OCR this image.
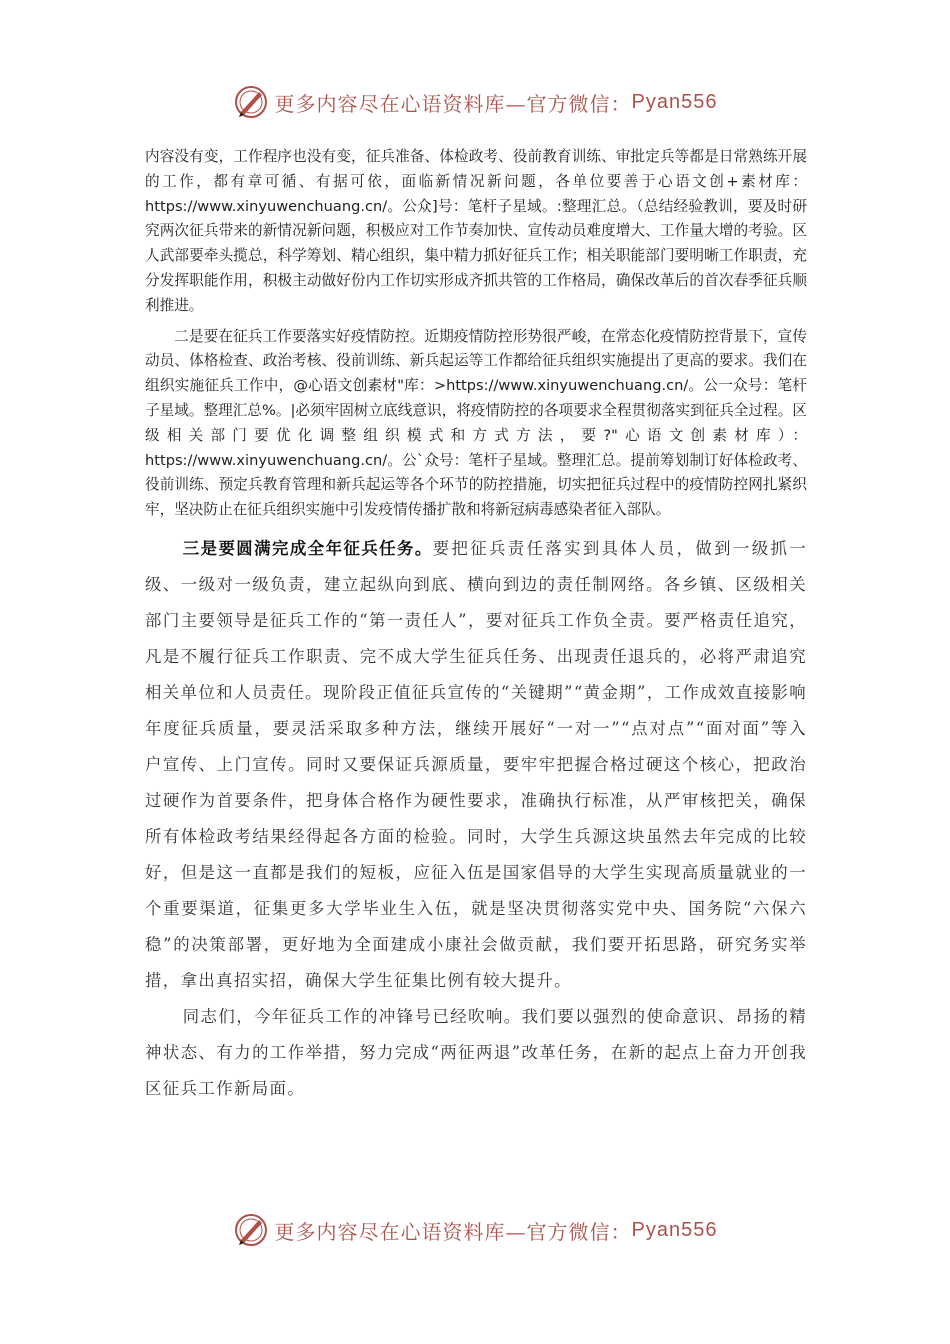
更多内容尽在心语资料库—官方微信： Pyan556

内容没有变，工作程序也没有变，征兵准备、体检政考、役前教育训练、审批定兵等都是日常熟练开展的工作，都有章可循、有据可依，面临新情况新问题，各单位要善于心语文创+素材库：https://www.xinyuwenchuang.cn/。公众]号：笔杆子星域。:整理汇总。（总结经验教训，要及时研究两次征兵带来的新情况新问题，积极应对工作节奏加快、宣传动员难度增大、工作量大增的考验。区人武部要牵头揽总，科学筹划、精心组织，集中精力抓好征兵工作；相关职能部门要明晰工作职责，充分发挥职能作用，积极主动做好份内工作切实形成齐抓共管的工作格局，确保改革后的首次春季征兵顺利推进。

二是要在征兵工作要落实好疫情防控。近期疫情防控形势很严峻，在常态化疫情防控背景下，宣传动员、体格检查、政治考核、役前训练、新兵起运等工作都给征兵组织实施提出了更高的要求。我们在组织实施征兵工作中，@心语文创素材"库：>https://www.xinyuwenchuang.cn/。公一众号：笔杆子星域。整理汇总%。|必须牢固树立底线意识，将疫情防控的各项要求全程贯彻落实到征兵全过程。区级相关部门要优化调整组织模式和方式方法，要?"心语文创素材库）：https://www.xinyuwenchuang.cn/。公`众号：笔杆子星域。整理汇总。提前筹划制订好体检政考、役前训练、预定兵教育管理和新兵起运等各个环节的防控措施，切实把征兵过程中的疫情防控网扎紧织牢，坚决防止在征兵组织实施中引发疫情传播扩散和将新冠病毒感染者征入部队。

三是要圆满完成全年征兵任务。要把征兵责任落实到具体人员，做到一级抓一级、一级对一级负责，建立起纵向到底、横向到边的责任制网络。各乡镇、区级相关部门主要领导是征兵工作的“第一责任人”，要对征兵工作负全责。要严格责任追究，凡是不履行征兵工作职责、完不成大学生征兵任务、出现责任退兵的，必将严肃追究相关单位和人员责任。现阶段正值征兵宣传的“关键期”“黄金期”，工作成效直接影响年度征兵质量，要灵活采取多种方法，继续开展好“一对一”“点对点”“面对面”等入户宣传、上门宣传。同时又要保证兵源质量，要牢牢把握合格过硬这个核心，把政治过硬作为首要条件，把身体合格作为硬性要求，准确执行标准，从严审核把关，确保所有体检政考结果经得起各方面的检验。同时，大学生兵源这块虽然去年完成的比较好，但是这一直都是我们的短板，应征入伍是国家倡导的大学生实现高质量就业的一个重要渠道，征集更多大学毕业生入伍，就是坚决贯彻落实党中央、国务院“六保六稳”的决策部署，更好地为全面建成小康社会做贡献，我们要开拓思路，研究务实举措，拿出真招实招，确保大学生征集比例有较大提升。

同志们，今年征兵工作的冲锋号已经吹响。我们要以强烈的使命意识、昂扬的精神状态、有力的工作举措，努力完成“两征两退”改革任务，在新的起点上奋力开创我区征兵工作新局面。

更多内容尽在心语资料库—官方微信： Pyan556
